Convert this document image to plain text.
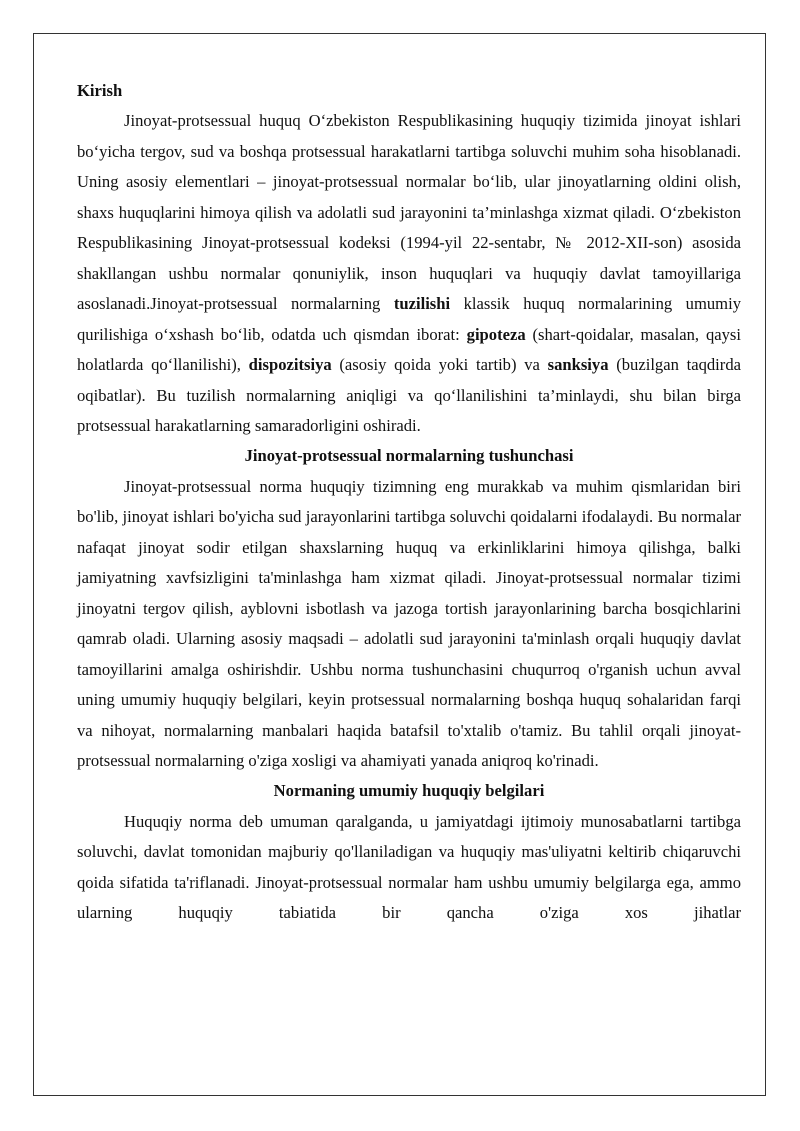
Kirish

Jinoyat-protsessual huquq O‘zbekiston Respublikasining huquqiy tizimida jinoyat ishlari bo‘yicha tergov, sud va boshqa protsessual harakatlarni tartibga soluvchi muhim soha hisoblanadi. Uning asosiy elementlari – jinoyat-protsessual normalar bo‘lib, ular jinoyatlarning oldini olish, shaxs huquqlarini himoya qilish va adolatli sud jarayonini ta’minlashga xizmat qiladi. O‘zbekiston Respublikasining Jinoyat-protsessual kodeksi (1994-yil 22-sentabr, № 2012-XII-son) asosida shakllangan ushbu normalar qonuniylik, inson huquqlari va huquqiy davlat tamoyillariga asoslanadi.Jinoyat-protsessual normalarning tuzilishi klassik huquq normalarining umumiy qurilishiga o‘xshash bo‘lib, odatda uch qismdan iborat: gipoteza (shart-qoidalar, masalan, qaysi holatlarda qo‘llanilishi), dispozitsiya (asosiy qoida yoki tartib) va sanksiya (buzilgan taqdirda oqibatlar). Bu tuzilish normalarning aniqligi va qo‘llanilishini ta’minlaydi, shu bilan birga protsessual harakatlarning samaradorligini oshiradi.

Jinoyat-protsessual normalarning tushunchasi

Jinoyat-protsessual norma huquqiy tizimning eng murakkab va muhim qismlaridan biri bo'lib, jinoyat ishlari bo'yicha sud jarayonlarini tartibga soluvchi qoidalarni ifodalaydi. Bu normalar nafaqat jinoyat sodir etilgan shaxslarning huquq va erkinliklarini himoya qilishga, balki jamiyatning xavfsizligini ta'minlashga ham xizmat qiladi. Jinoyat-protsessual normalar tizimi jinoyatni tergov qilish, ayblovni isbotlash va jazoga tortish jarayonlarining barcha bosqichlarini qamrab oladi. Ularning asosiy maqsadi – adolatli sud jarayonini ta'minlash orqali huquqiy davlat tamoyillarini amalga oshirishdir. Ushbu norma tushunchasini chuqurroq o'rganish uchun avval uning umumiy huquqiy belgilari, keyin protsessual normalarning boshqa huquq sohalaridan farqi va nihoyat, normalarning manbalari haqida batafsil to'xtalib o'tamiz. Bu tahlil orqali jinoyat-protsessual normalarning o'ziga xosligi va ahamiyati yanada aniqroq ko'rinadi.

Normaning umumiy huquqiy belgilari

Huquqiy norma deb umuman qaralganda, u jamiyatdagi ijtimoiy munosabatlarni tartibga soluvchi, davlat tomonidan majburiy qo'llaniladigan va huquqiy mas'uliyatni keltirib chiqaruvchi qoida sifatida ta'riflanadi. Jinoyat-protsessual normalar ham ushbu umumiy belgilarga ega, ammo ularning huquqiy tabiatida bir qancha o'ziga xos jihatlar
